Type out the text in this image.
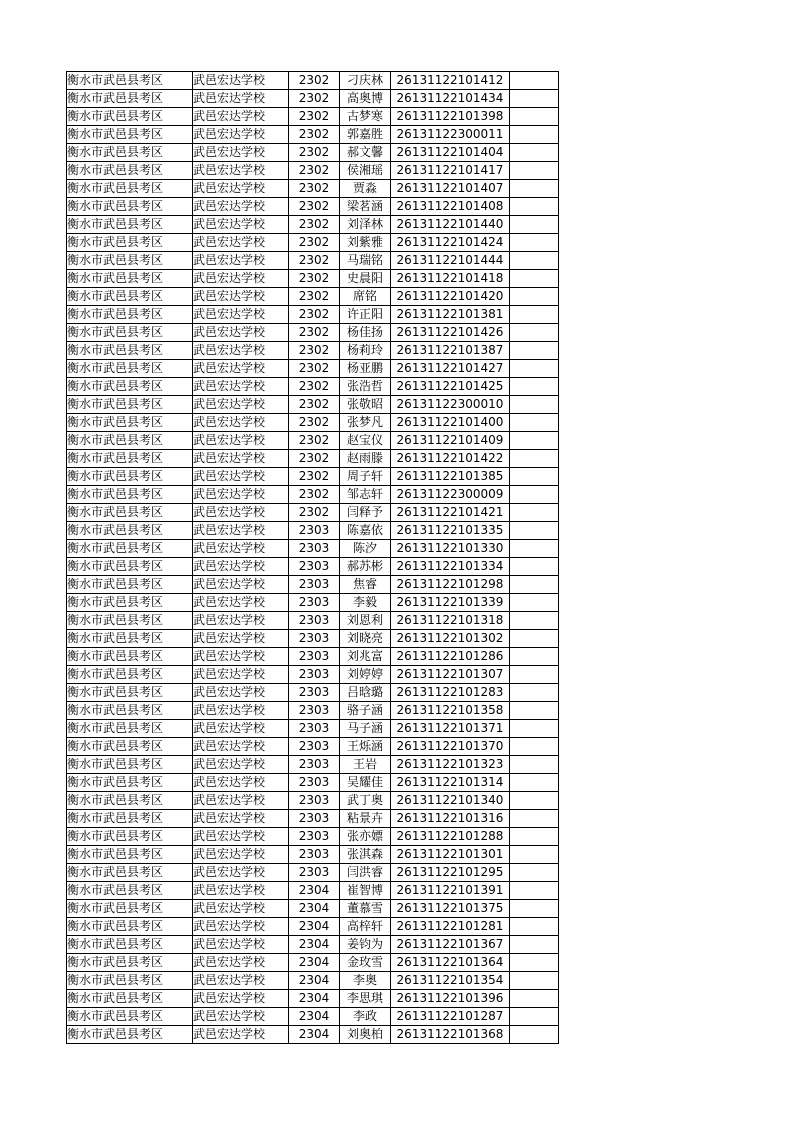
衡水市武邑县考区	武邑宏达学校	2302	刁庆林	26131122101412	
衡水市武邑县考区	武邑宏达学校	2302	高奥博	26131122101434	
衡水市武邑县考区	武邑宏达学校	2302	古梦寒	26131122101398	
衡水市武邑县考区	武邑宏达学校	2302	郭嘉胜	26131122300011	
衡水市武邑县考区	武邑宏达学校	2302	郝文馨	26131122101404	
衡水市武邑县考区	武邑宏达学校	2302	侯湘瑶	26131122101417	
衡水市武邑县考区	武邑宏达学校	2302	贾淼	26131122101407	
衡水市武邑县考区	武邑宏达学校	2302	梁茗涵	26131122101408	
衡水市武邑县考区	武邑宏达学校	2302	刘泽林	26131122101440	
衡水市武邑县考区	武邑宏达学校	2302	刘紫雅	26131122101424	
衡水市武邑县考区	武邑宏达学校	2302	马瑞铭	26131122101444	
衡水市武邑县考区	武邑宏达学校	2302	史晨阳	26131122101418	
衡水市武邑县考区	武邑宏达学校	2302	席铭	26131122101420	
衡水市武邑县考区	武邑宏达学校	2302	许正阳	26131122101381	
衡水市武邑县考区	武邑宏达学校	2302	杨佳扬	26131122101426	
衡水市武邑县考区	武邑宏达学校	2302	杨莉玲	26131122101387	
衡水市武邑县考区	武邑宏达学校	2302	杨亚鹏	26131122101427	
衡水市武邑县考区	武邑宏达学校	2302	张浩哲	26131122101425	
衡水市武邑县考区	武邑宏达学校	2302	张敬昭	26131122300010	
衡水市武邑县考区	武邑宏达学校	2302	张梦凡	26131122101400	
衡水市武邑县考区	武邑宏达学校	2302	赵宝仪	26131122101409	
衡水市武邑县考区	武邑宏达学校	2302	赵雨滕	26131122101422	
衡水市武邑县考区	武邑宏达学校	2302	周子轩	26131122101385	
衡水市武邑县考区	武邑宏达学校	2302	邹志轩	26131122300009	
衡水市武邑县考区	武邑宏达学校	2302	闫释予	26131122101421	
衡水市武邑县考区	武邑宏达学校	2303	陈嘉依	26131122101335	
衡水市武邑县考区	武邑宏达学校	2303	陈汐	26131122101330	
衡水市武邑县考区	武邑宏达学校	2303	郝苏彬	26131122101334	
衡水市武邑县考区	武邑宏达学校	2303	焦睿	26131122101298	
衡水市武邑县考区	武邑宏达学校	2303	李毅	26131122101339	
衡水市武邑县考区	武邑宏达学校	2303	刘恩利	26131122101318	
衡水市武邑县考区	武邑宏达学校	2303	刘晓亮	26131122101302	
衡水市武邑县考区	武邑宏达学校	2303	刘兆富	26131122101286	
衡水市武邑县考区	武邑宏达学校	2303	刘婷婷	26131122101307	
衡水市武邑县考区	武邑宏达学校	2303	吕晗璐	26131122101283	
衡水市武邑县考区	武邑宏达学校	2303	骆子涵	26131122101358	
衡水市武邑县考区	武邑宏达学校	2303	马子涵	26131122101371	
衡水市武邑县考区	武邑宏达学校	2303	王烁涵	26131122101370	
衡水市武邑县考区	武邑宏达学校	2303	王岩	26131122101323	
衡水市武邑县考区	武邑宏达学校	2303	吴耀佳	26131122101314	
衡水市武邑县考区	武邑宏达学校	2303	武丁奥	26131122101340	
衡水市武邑县考区	武邑宏达学校	2303	粘景卉	26131122101316	
衡水市武邑县考区	武邑宏达学校	2303	张亦嫖	26131122101288	
衡水市武邑县考区	武邑宏达学校	2303	张淇森	26131122101301	
衡水市武邑县考区	武邑宏达学校	2303	闫洪睿	26131122101295	
衡水市武邑县考区	武邑宏达学校	2304	崔智博	26131122101391	
衡水市武邑县考区	武邑宏达学校	2304	董慕雪	26131122101375	
衡水市武邑县考区	武邑宏达学校	2304	高梓轩	26131122101281	
衡水市武邑县考区	武邑宏达学校	2304	姜钧为	26131122101367	
衡水市武邑县考区	武邑宏达学校	2304	金玫雪	26131122101364	
衡水市武邑县考区	武邑宏达学校	2304	李奥	26131122101354	
衡水市武邑县考区	武邑宏达学校	2304	李思琪	26131122101396	
衡水市武邑县考区	武邑宏达学校	2304	李政	26131122101287	
衡水市武邑县考区	武邑宏达学校	2304	刘奥柏	26131122101368	
